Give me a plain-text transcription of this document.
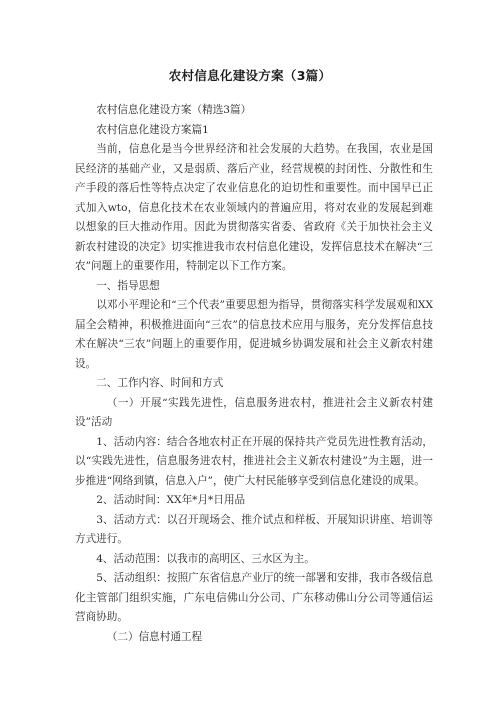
农村信息化建设方案（3篇）

农村信息化建设方案（精选3篇）

农村信息化建设方案篇1

当前，信息化是当今世界经济和社会发展的大趋势。在我国，农业是国民经济的基础产业，又是弱质、落后产业，经营规模的封闭性、分散性和生产手段的落后性等特点决定了农业信息化的迫切性和重要性。而中国早已正式加入wto，信息化技术在农业领域内的普遍应用，将对农业的发展起到难以想象的巨大推动作用。因此为贯彻落实省委、省政府《关于加快社会主义新农村建设的决定》切实推进我市农村信息化建设，发挥信息技术在解决“三农”问题上的重要作用，特制定以下工作方案。

一、指导思想

以邓小平理论和“三个代表”重要思想为指导，贯彻落实科学发展观和XX届全会精神，积极推进面向“三农”的信息技术应用与服务，充分发挥信息技术在解决“三农”问题上的重要作用，促进城乡协调发展和社会主义新农村建设。

二、工作内容、时间和方式

（一）开展“实践先进性，信息服务进农村，推进社会主义新农村建设”活动

1、活动内容：结合各地农村正在开展的保持共产党员先进性教育活动，以“实践先进性，信息服务进农村，推进社会主义新农村建设”为主题，进一步推进“网络到镇，信息入户”，使广大村民能够享受到信息化建设的成果。

2、活动时间：XX年*月*日用品

3、活动方式：以召开现场会、推介试点和样板、开展知识讲座、培训等方式进行。

4、活动范围：以我市的高明区、三水区为主。

5、活动组织：按照广东省信息产业厅的统一部署和安排，我市各级信息化主管部门组织实施，广东电信佛山分公司、广东移动佛山分公司等通信运营商协助。

（二）信息村通工程
